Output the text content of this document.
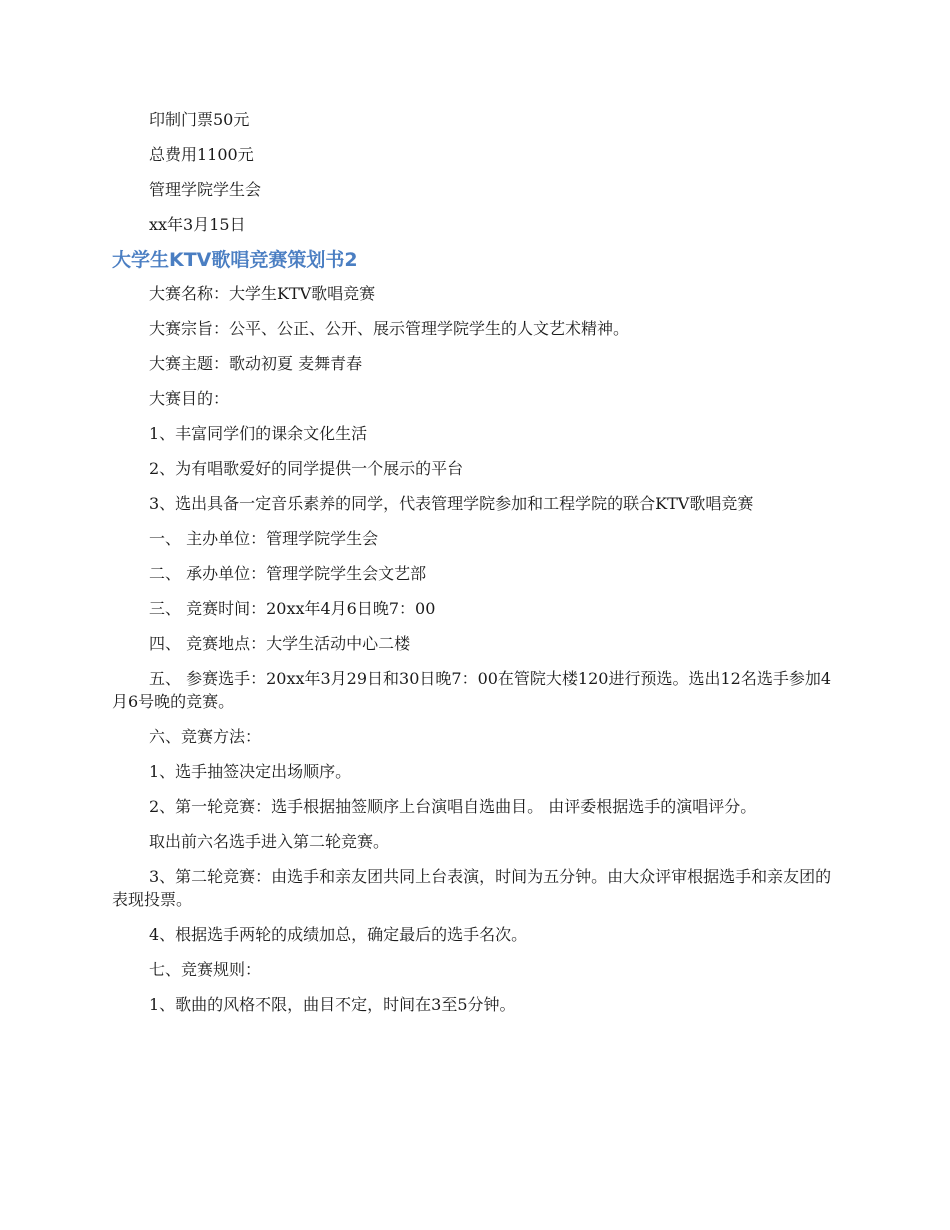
印制门票50元

总费用1100元

管理学院学生会

xx年3月15日

大学生KTV歌唱竞赛策划书2

大赛名称：大学生KTV歌唱竞赛

大赛宗旨：公平、公正、公开、展示管理学院学生的人文艺术精神。

大赛主题：歌动初夏 麦舞青春

大赛目的：

1、丰富同学们的课余文化生活

2、为有唱歌爱好的同学提供一个展示的平台

3、选出具备一定音乐素养的同学，代表管理学院参加和工程学院的联合KTV歌唱竞赛

一、 主办单位：管理学院学生会

二、 承办单位：管理学院学生会文艺部

三、 竞赛时间：20xx年4月6日晚7：00

四、 竞赛地点：大学生活动中心二楼

五、 参赛选手：20xx年3月29日和30日晚7：00在管院大楼120进行预选。选出12名选手参加4月6号晚的竞赛。

六、竞赛方法：

1、选手抽签决定出场顺序。

2、第一轮竞赛：选手根据抽签顺序上台演唱自选曲目。 由评委根据选手的演唱评分。

取出前六名选手进入第二轮竞赛。

3、第二轮竞赛：由选手和亲友团共同上台表演，时间为五分钟。由大众评审根据选手和亲友团的表现投票。

4、根据选手两轮的成绩加总，确定最后的选手名次。

七、竞赛规则：

1、歌曲的风格不限，曲目不定，时间在3至5分钟。
